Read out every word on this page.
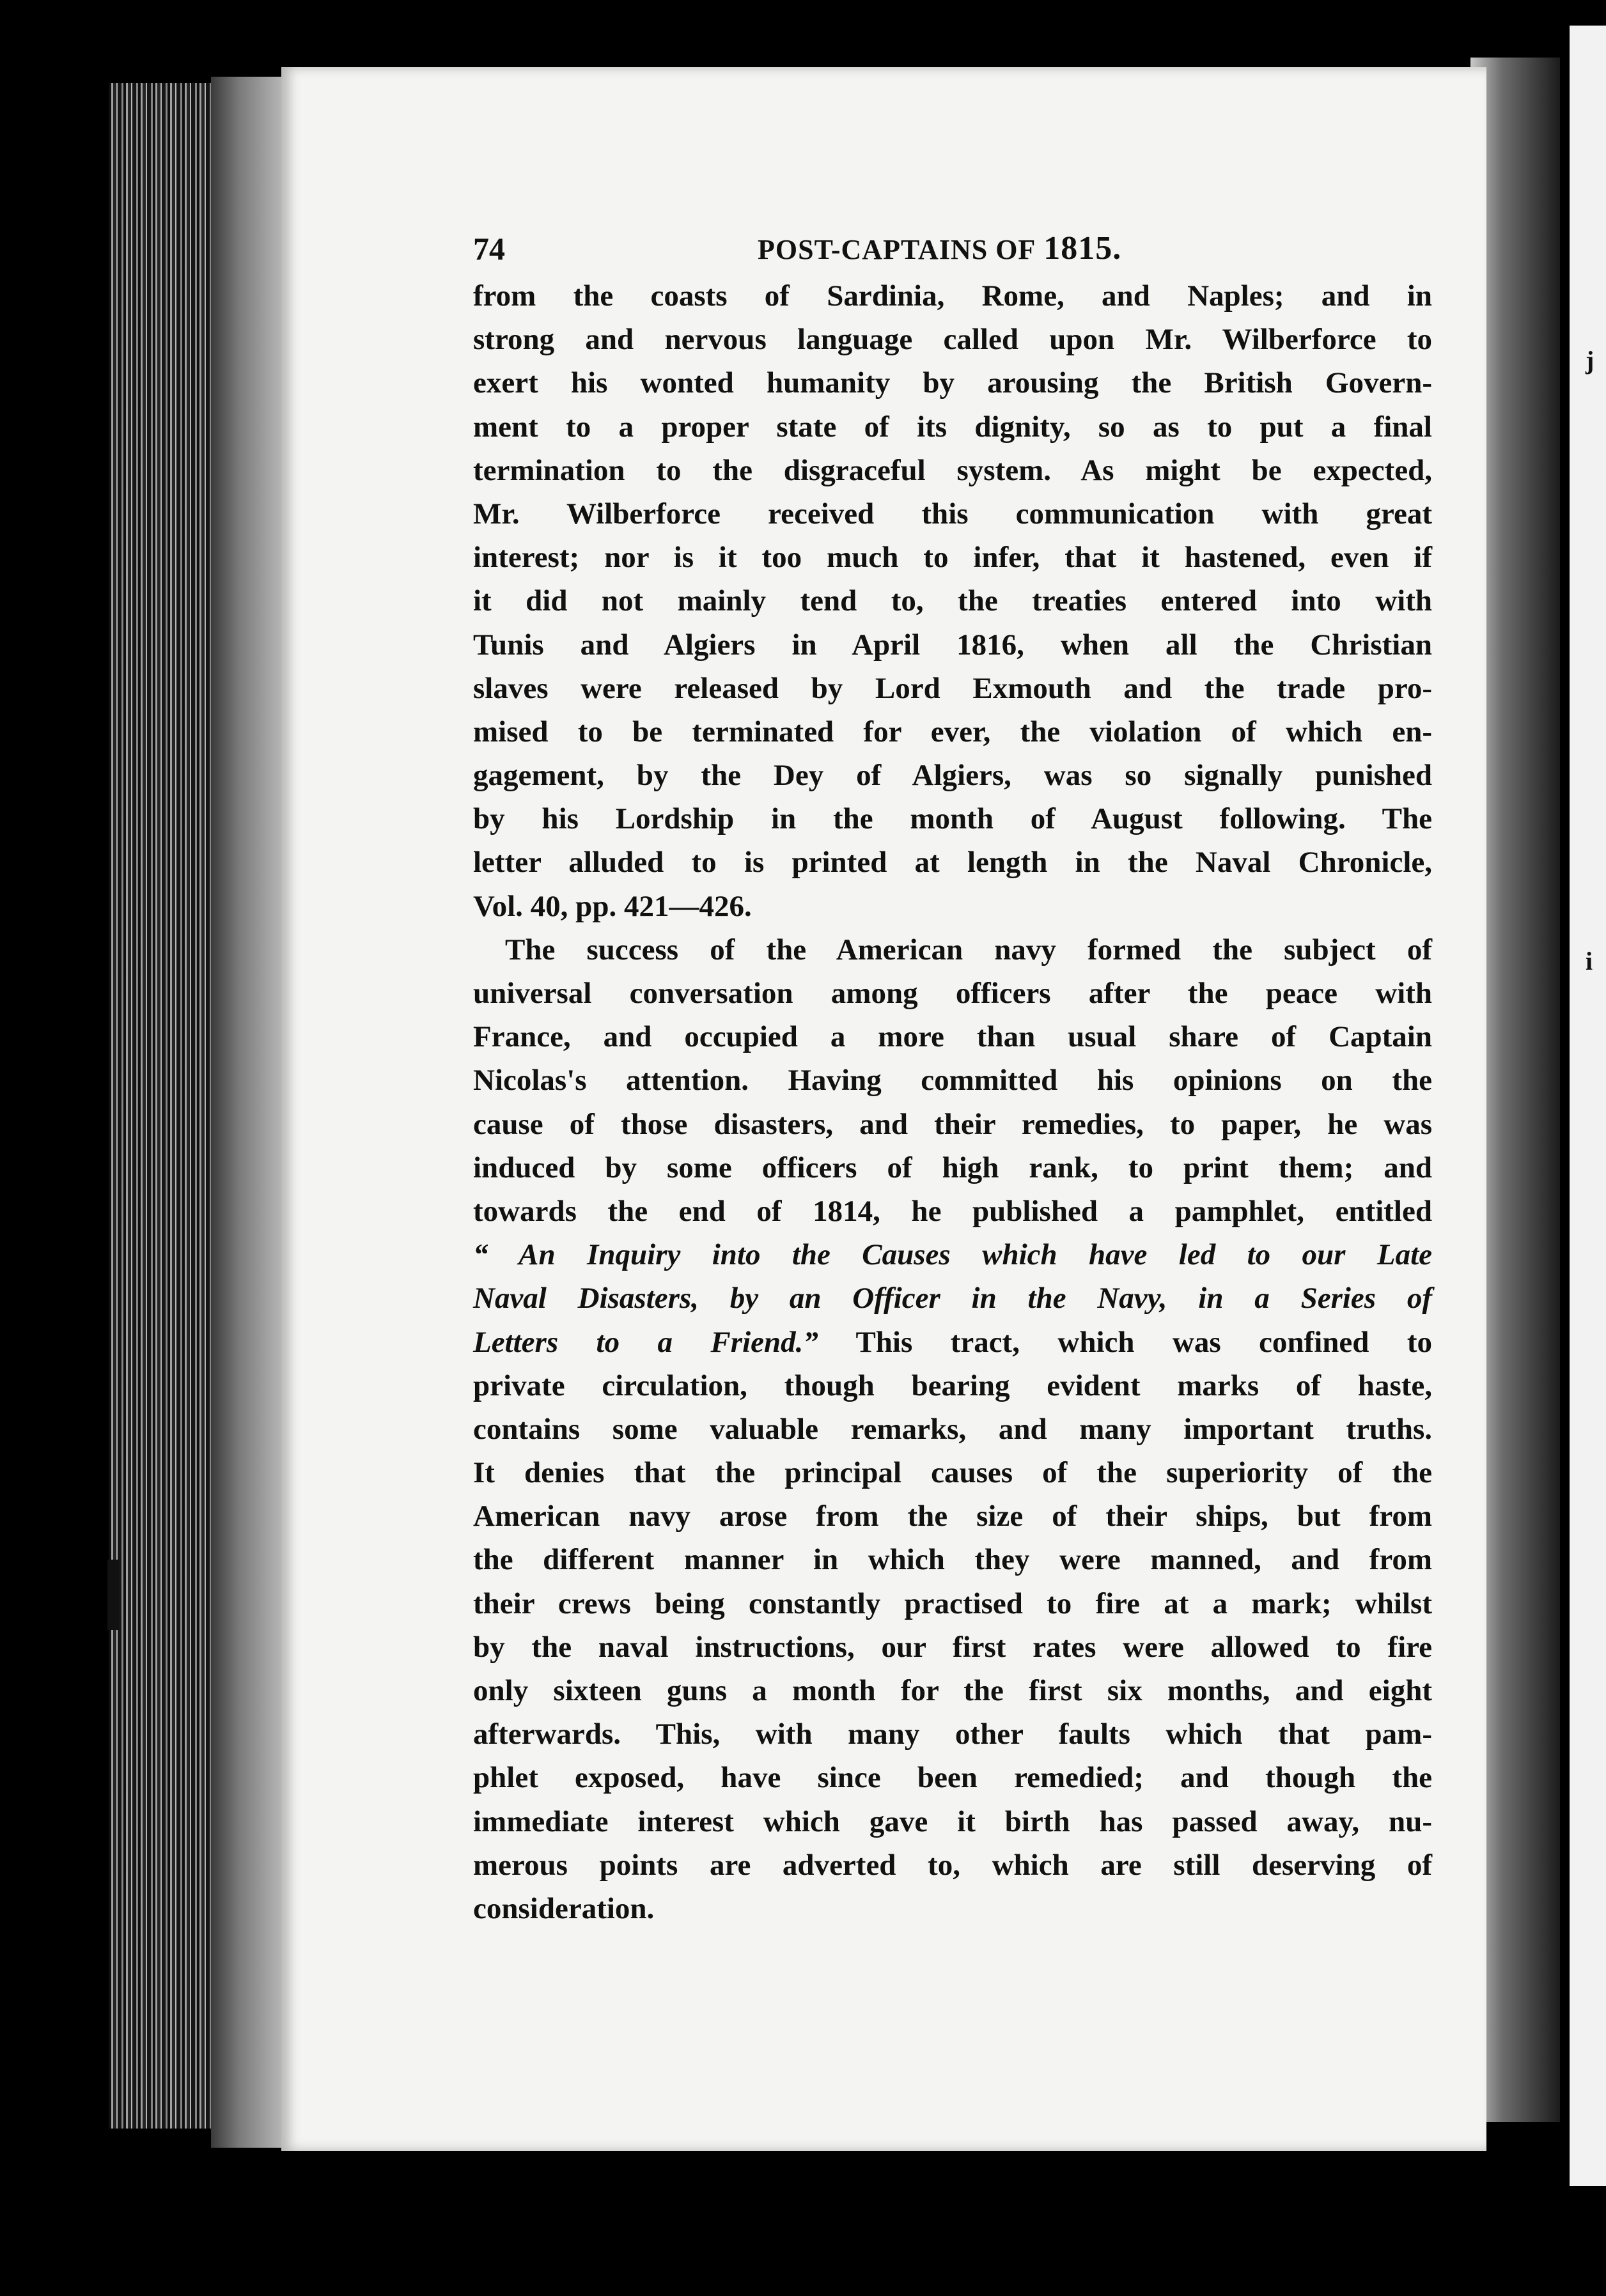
j
i
74	POST-CAPTAINS OF 1815.
from the coasts of Sardinia, Rome, and Naples; and in
strong and nervous language called upon Mr. Wilberforce to
exert his wonted humanity by arousing the British Govern-
ment to a proper state of its dignity, so as to put a final
termination to the disgraceful system. As might be expected,
Mr. Wilberforce received this communication with great
interest; nor is it too much to infer, that it hastened, even if
it did not mainly tend to, the treaties entered into with
Tunis and Algiers in April 1816, when all the Christian
slaves were released by Lord Exmouth and the trade pro-
mised to be terminated for ever, the violation of which en-
gagement, by the Dey of Algiers, was so signally punished
by his Lordship in the month of August following. The
letter alluded to is printed at length in the Naval Chronicle,
Vol. 40, pp. 421—426.
The success of the American navy formed the subject of
universal conversation among officers after the peace with
France, and occupied a more than usual share of Captain
Nicolas's attention. Having committed his opinions on the
cause of those disasters, and their remedies, to paper, he was
induced by some officers of high rank, to print them; and
towards the end of 1814, he published a pamphlet, entitled
“ An Inquiry into the Causes which have led to our Late
Naval Disasters, by an Officer in the Navy, in a Series of
Letters to a Friend.” This tract, which was confined to
private circulation, though bearing evident marks of haste,
contains some valuable remarks, and many important truths.
It denies that the principal causes of the superiority of the
American navy arose from the size of their ships, but from
the different manner in which they were manned, and from
their crews being constantly practised to fire at a mark; whilst
by the naval instructions, our first rates were allowed to fire
only sixteen guns a month for the first six months, and eight
afterwards. This, with many other faults which that pam-
phlet exposed, have since been remedied; and though the
immediate interest which gave it birth has passed away, nu-
merous points are adverted to, which are still deserving of
consideration.
